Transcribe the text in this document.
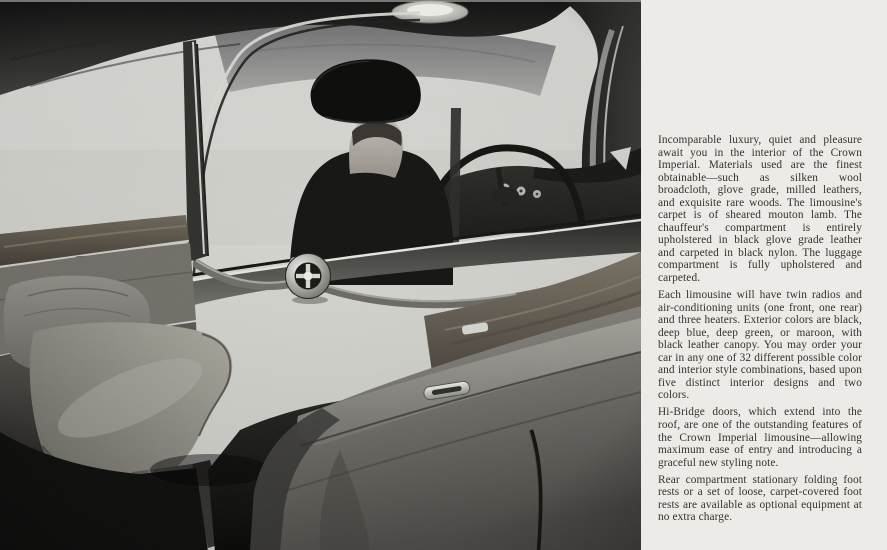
Incomparable luxury, quiet and pleasure await you in the interior of the Crown Imperial. Materials used are the finest obtainable—such as silken wool broadcloth, glove grade, milled leathers, and exquisite rare woods. The limousine's carpet is of sheared mouton lamb. The chauffeur's compartment is entirely upholstered in black glove grade leather and carpeted in black nylon. The luggage compartment is fully upholstered and carpeted.

Each limousine will have twin radios and air-conditioning units (one front, one rear) and three heaters. Exterior colors are black, deep blue, deep green, or maroon, with black leather canopy. You may order your car in any one of 32 different possible color and interior style combinations, based upon five distinct interior designs and two colors.

Hi-Bridge doors, which extend into the roof, are one of the outstanding features of the Crown Imperial limousine—allowing maximum ease of entry and introducing a graceful new styling note.

Rear compartment stationary folding foot rests or a set of loose, carpet-covered foot rests are available as optional equipment at no extra charge.
